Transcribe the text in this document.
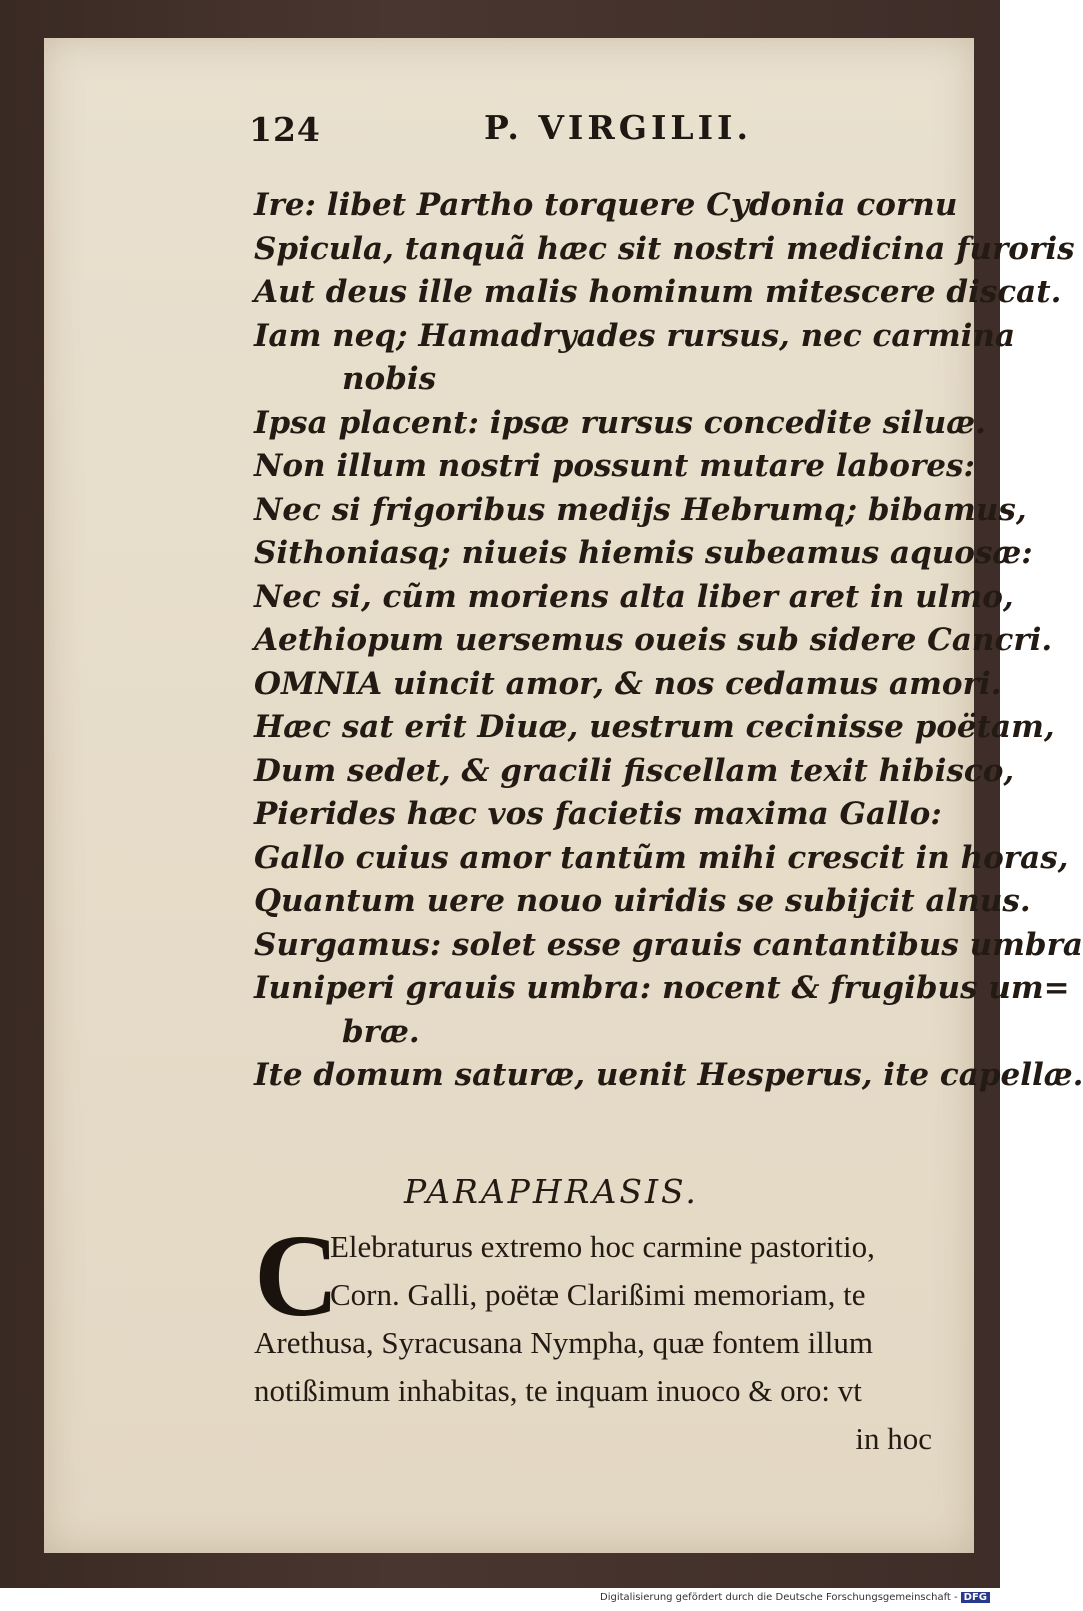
124	P. VIRGILII.
Ire: libet Partho torquere Cydonia cornu
Spicula, tanquã hæc sit nostri medicina furoris
Aut deus ille malis hominum mitescere discat.
Iam neq; Hamadryades rursus, nec carmina
nobis
Ipsa placent: ipsæ rursus concedite siluæ.
Non illum nostri possunt mutare labores:
Nec si frigoribus medijs Hebrumq; bibamus,
Sithoniasq; niueis hiemis subeamus aquosæ:
Nec si, cũm moriens alta liber aret in ulmo,
Aethiopum uersemus oueis sub sidere Cancri.
OMNIA uincit amor, & nos cedamus amori.
Hæc sat erit Diuæ, uestrum cecinisse poëtam,
Dum sedet, & gracili fiscellam texit hibisco,
Pierides hæc vos facietis maxima Gallo:
Gallo cuius amor tantũm mihi crescit in horas,
Quantum uere nouo uiridis se subijcit alnus.
Surgamus: solet esse grauis cantantibus umbra
Iuniperi grauis umbra: nocent & frugibus um=
bræ.
Ite domum saturæ, uenit Hesperus, ite capellæ.
PARAPHRASIS.
C
Elebraturus extremo hoc carmine pastoritio,
Corn. Galli, poëtæ Clarißimi memoriam, te
Arethusa, Syracusana Nympha, quæ fontem illum
notißimum inhabitas, te inquam inuoco & oro: vt
in hoc
Digitalisierung gefördert durch die Deutsche Forschungsgemeinschaft - DFG
